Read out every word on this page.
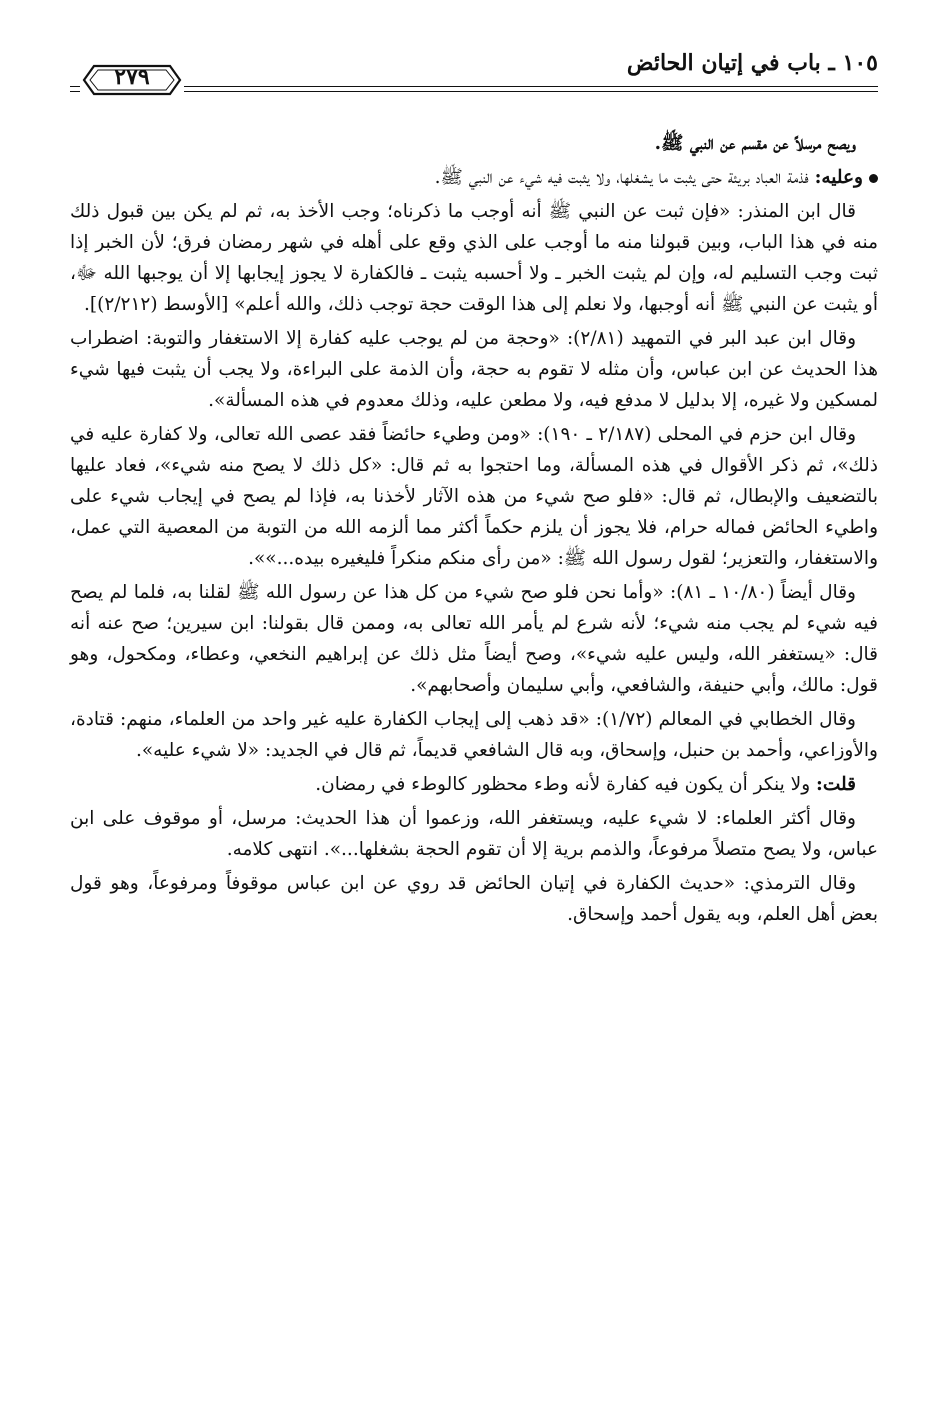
١٠٥ ـ باب في إتيان الحائض
٢٧٩

ويصح مرسلاً عن مقسم عن النبي ﷺ.

وعليه: فذمة العباد بريئة حتى يثبت ما يشغلها، ولا يثبت فيه شيء عن النبي ﷺ.

قال ابن المنذر: «فإن ثبت عن النبي ﷺ أنه أوجب ما ذكرناه؛ وجب الأخذ به، ثم لم يكن بين قبول ذلك منه في هذا الباب، وبين قبولنا منه ما أوجب على الذي وقع على أهله في شهر رمضان فرق؛ لأن الخبر إذا ثبت وجب التسليم له، وإن لم يثبت الخبر ـ ولا أحسبه يثبت ـ فالكفارة لا يجوز إيجابها إلا أن يوجبها الله ﷻ، أو يثبت عن النبي ﷺ أنه أوجبها، ولا نعلم إلى هذا الوقت حجة توجب ذلك، والله أعلم» [الأوسط (٢/٢١٢)].

وقال ابن عبد البر في التمهيد (٢/٨١): «وحجة من لم يوجب عليه كفارة إلا الاستغفار والتوبة: اضطراب هذا الحديث عن ابن عباس، وأن مثله لا تقوم به حجة، وأن الذمة على البراءة، ولا يجب أن يثبت فيها شيء لمسكين ولا غيره، إلا بدليل لا مدفع فيه، ولا مطعن عليه، وذلك معدوم في هذه المسألة».

وقال ابن حزم في المحلى (٢/١٨٧ ـ ١٩٠): «ومن وطيء حائضاً فقد عصى الله تعالى، ولا كفارة عليه في ذلك»، ثم ذكر الأقوال في هذه المسألة، وما احتجوا به ثم قال: «كل ذلك لا يصح منه شيء»، فعاد عليها بالتضعيف والإبطال، ثم قال: «فلو صح شيء من هذه الآثار لأخذنا به، فإذا لم يصح في إيجاب شيء على واطيء الحائض فماله حرام، فلا يجوز أن يلزم حكماً أكثر مما ألزمه الله من التوبة من المعصية التي عمل، والاستغفار، والتعزير؛ لقول رسول الله ﷺ: «من رأى منكم منكراً فليغيره بيده...»».

وقال أيضاً (١٠/٨٠ ـ ٨١): «وأما نحن فلو صح شيء من كل هذا عن رسول الله ﷺ لقلنا به، فلما لم يصح فيه شيء لم يجب منه شيء؛ لأنه شرع لم يأمر الله تعالى به، وممن قال بقولنا: ابن سيرين؛ صح عنه أنه قال: «يستغفر الله، وليس عليه شيء»، وصح أيضاً مثل ذلك عن إبراهيم النخعي، وعطاء، ومكحول، وهو قول: مالك، وأبي حنيفة، والشافعي، وأبي سليمان وأصحابهم».

وقال الخطابي في المعالم (١/٧٢): «قد ذهب إلى إيجاب الكفارة عليه غير واحد من العلماء، منهم: قتادة، والأوزاعي، وأحمد بن حنبل، وإسحاق، وبه قال الشافعي قديماً، ثم قال في الجديد: «لا شيء عليه».

قلت: ولا ينكر أن يكون فيه كفارة لأنه وطء محظور كالوطء في رمضان.

وقال أكثر العلماء: لا شيء عليه، ويستغفر الله، وزعموا أن هذا الحديث: مرسل، أو موقوف على ابن عباس، ولا يصح متصلاً مرفوعاً، والذمم برية إلا أن تقوم الحجة بشغلها...». انتهى كلامه.

وقال الترمذي: «حديث الكفارة في إتيان الحائض قد روي عن ابن عباس موقوفاً ومرفوعاً، وهو قول بعض أهل العلم، وبه يقول أحمد وإسحاق.
